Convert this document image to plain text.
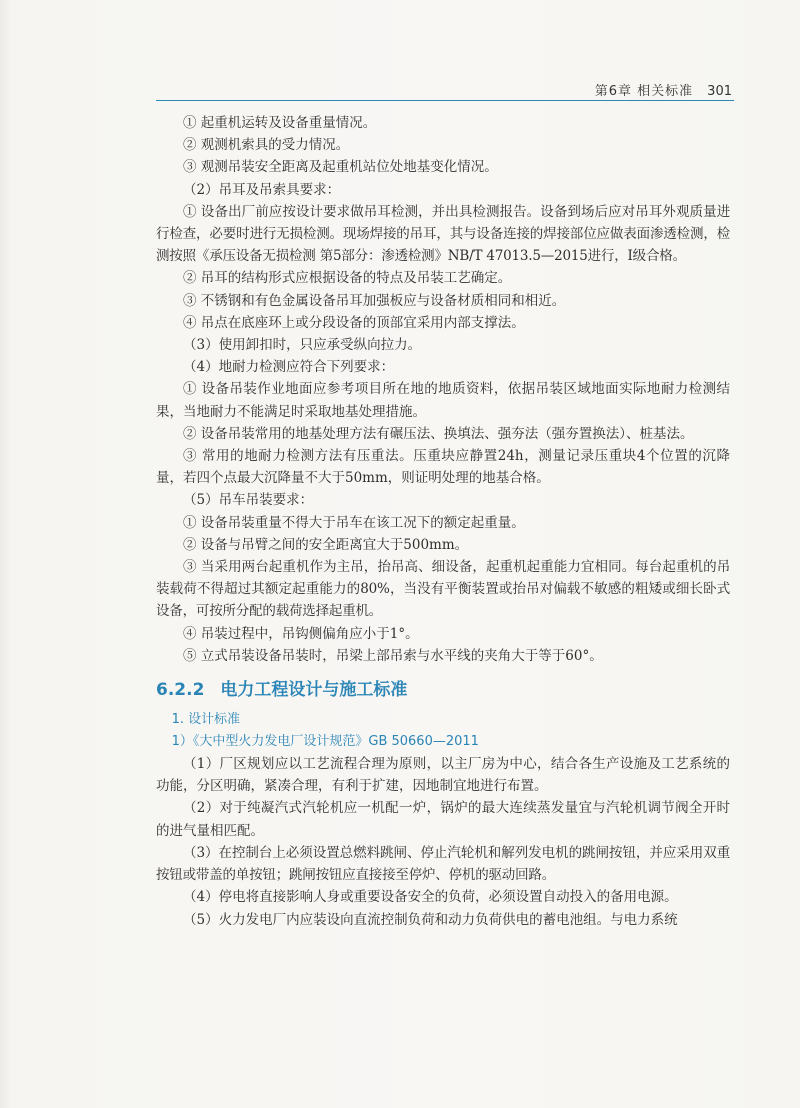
第6章 相关标准 301

① 起重机运转及设备重量情况。

② 观测机索具的受力情况。

③ 观测吊装安全距离及起重机站位处地基变化情况。

（2）吊耳及吊索具要求：

① 设备出厂前应按设计要求做吊耳检测，并出具检测报告。设备到场后应对吊耳外观质量进行检查，必要时进行无损检测。现场焊接的吊耳，其与设备连接的焊接部位应做表面渗透检测，检测按照《承压设备无损检测 第5部分：渗透检测》NB/T 47013.5—2015进行，Ⅰ级合格。

② 吊耳的结构形式应根据设备的特点及吊装工艺确定。

③ 不锈钢和有色金属设备吊耳加强板应与设备材质相同和相近。

④ 吊点在底座环上或分段设备的顶部宜采用内部支撑法。

（3）使用卸扣时，只应承受纵向拉力。

（4）地耐力检测应符合下列要求：

① 设备吊装作业地面应参考项目所在地的地质资料，依据吊装区域地面实际地耐力检测结果，当地耐力不能满足时采取地基处理措施。

② 设备吊装常用的地基处理方法有碾压法、换填法、强夯法（强夯置换法）、桩基法。

③ 常用的地耐力检测方法有压重法。压重块应静置24h，测量记录压重块4个位置的沉降量，若四个点最大沉降量不大于50mm，则证明处理的地基合格。

（5）吊车吊装要求：

① 设备吊装重量不得大于吊车在该工况下的额定起重量。

② 设备与吊臂之间的安全距离宜大于500mm。

③ 当采用两台起重机作为主吊，抬吊高、细设备，起重机起重能力宜相同。每台起重机的吊装载荷不得超过其额定起重能力的80%，当没有平衡装置或抬吊对偏载不敏感的粗矮或细长卧式设备，可按所分配的载荷选择起重机。

④ 吊装过程中，吊钩侧偏角应小于1°。

⑤ 立式吊装设备吊装时，吊梁上部吊索与水平线的夹角大于等于60°。

6.2.2 电力工程设计与施工标准
1. 设计标准
1）《大中型火力发电厂设计规范》GB 50660—2011

（1）厂区规划应以工艺流程合理为原则，以主厂房为中心，结合各生产设施及工艺系统的功能，分区明确，紧凑合理，有利于扩建，因地制宜地进行布置。

（2）对于纯凝汽式汽轮机应一机配一炉，锅炉的最大连续蒸发量宜与汽轮机调节阀全开时的进气量相匹配。

（3）在控制台上必须设置总燃料跳闸、停止汽轮机和解列发电机的跳闸按钮，并应采用双重按钮或带盖的单按钮；跳闸按钮应直接接至停炉、停机的驱动回路。

（4）停电将直接影响人身或重要设备安全的负荷，必须设置自动投入的备用电源。

（5）火力发电厂内应装设向直流控制负荷和动力负荷供电的蓄电池组。与电力系统
